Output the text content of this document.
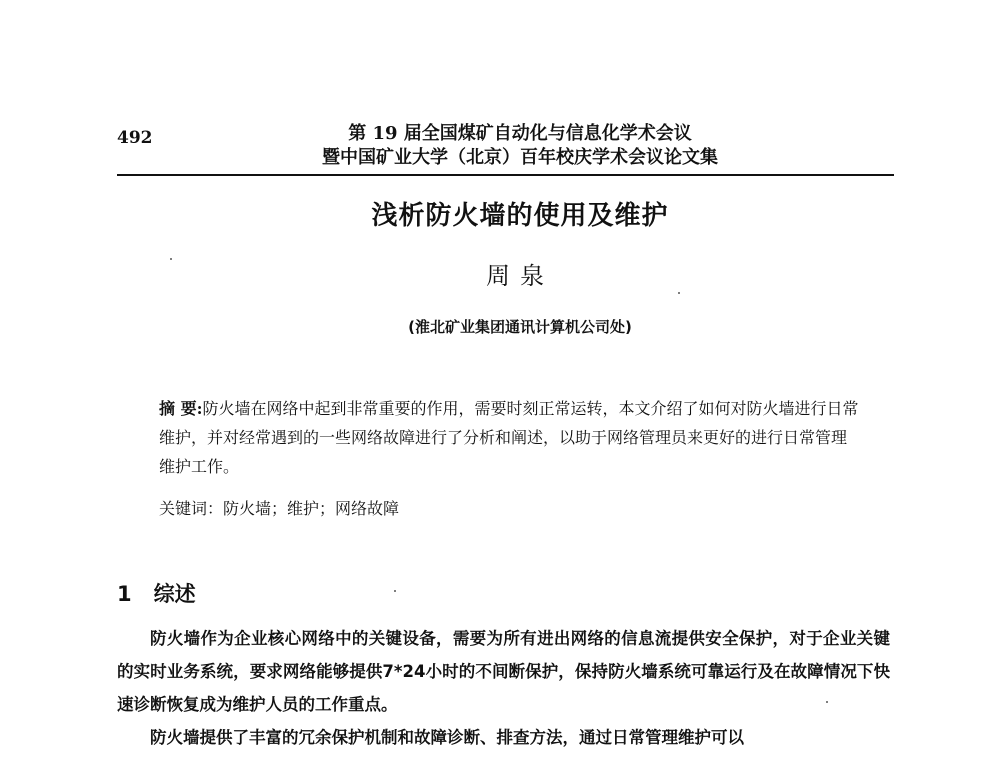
492	第 19 届全国煤矿自动化与信息化学术会议
暨中国矿业大学（北京）百年校庆学术会议论文集
浅析防火墙的使用及维护
周泉
(淮北矿业集团通讯计算机公司处)

摘 要:防火墙在网络中起到非常重要的作用，需要时刻正常运转，本文介绍了如何对防火墙进行日常维护，并对经常遇到的一些网络故障进行了分析和阐述，以助于网络管理员来更好的进行日常管理维护工作。

关键词：防火墙；维护；网络故障
1 综述

防火墙作为企业核心网络中的关键设备，需要为所有进出网络的信息流提供安全保护，对于企业关键的实时业务系统，要求网络能够提供7*24小时的不间断保护，保持防火墙系统可靠运行及在故障情况下快速诊断恢复成为维护人员的工作重点。

防火墙提供了丰富的冗余保护机制和故障诊断、排查方法，通过日常管理维护可以
